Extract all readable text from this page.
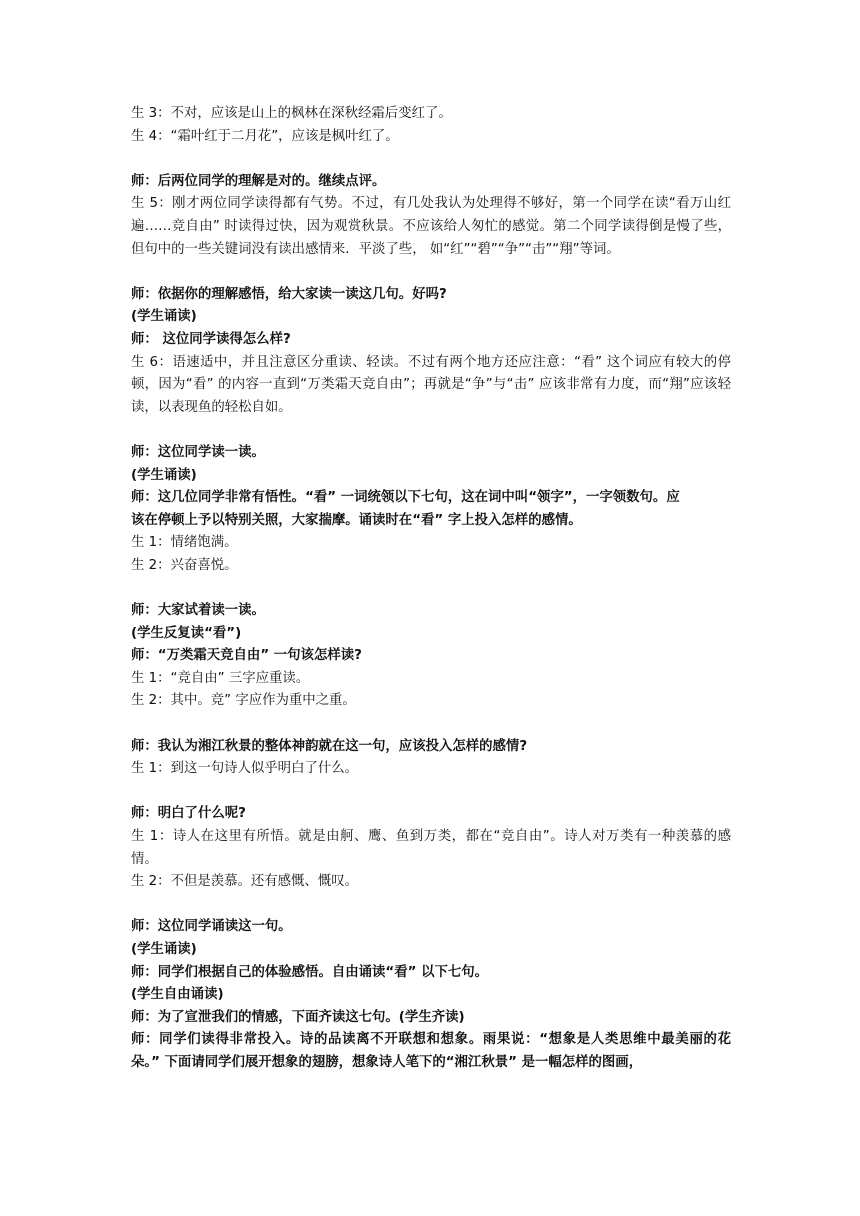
生 3：不对，应该是山上的枫林在深秋经霜后变红了。

生 4：“霜叶红于二月花”，应该是枫叶红了。

师：后两位同学的理解是对的。继续点评。

生 5：刚才两位同学读得都有气势。不过，有几处我认为处理得不够好，第一个同学在读“看万山红遍……竞自由” 时读得过快，因为观赏秋景。不应该给人匆忙的感觉。第二个同学读得倒是慢了些，但句中的一些关键词没有读出感情来．平淡了些， 如“红”“碧”“争”“击”“翔”等词。

师：依据你的理解感悟，给大家读一读这几句。好吗?

(学生诵读)

师： 这位同学读得怎么样?

生 6：语速适中，并且注意区分重读、轻读。不过有两个地方还应注意：“看” 这个词应有较大的停顿，因为“看” 的内容一直到“万类霜天竞自由”；再就是“争”与“击” 应该非常有力度，而“翔”应该轻读，以表现鱼的轻松自如。

师：这位同学读一读。

(学生诵读)

师：这几位同学非常有悟性。“看” 一词统领以下七句，这在词中叫“领字”，一字领数句。应

该在停顿上予以特别关照，大家揣摩。诵读时在“看” 字上投入怎样的感情。

生 1：情绪饱满。

生 2：兴奋喜悦。

师：大家试着读一读。

(学生反复读“看”)

师：“万类霜天竞自由” 一句该怎样读?

生 1：“竞自由” 三字应重读。

生 2：其中。竞” 字应作为重中之重。

师：我认为湘江秋景的整体神韵就在这一句，应该投入怎样的感情?

生 1：到这一句诗人似乎明白了什么。

师：明白了什么呢?

生 1：诗人在这里有所悟。就是由舸、鹰、鱼到万类，都在“竞自由”。诗人对万类有一种羡慕的感情。

生 2：不但是羡慕。还有感慨、慨叹。

师：这位同学诵读这一句。

(学生诵读)

师：同学们根据自己的体验感悟。自由诵读“看” 以下七句。

(学生自由诵读)

师：为了宣泄我们的情感，下面齐读这七句。(学生齐读)

师：同学们读得非常投入。诗的品读离不开联想和想象。雨果说：“想象是人类思维中最美丽的花朵。” 下面请同学们展开想象的翅膀，想象诗人笔下的“湘江秋景” 是一幅怎样的图画，
